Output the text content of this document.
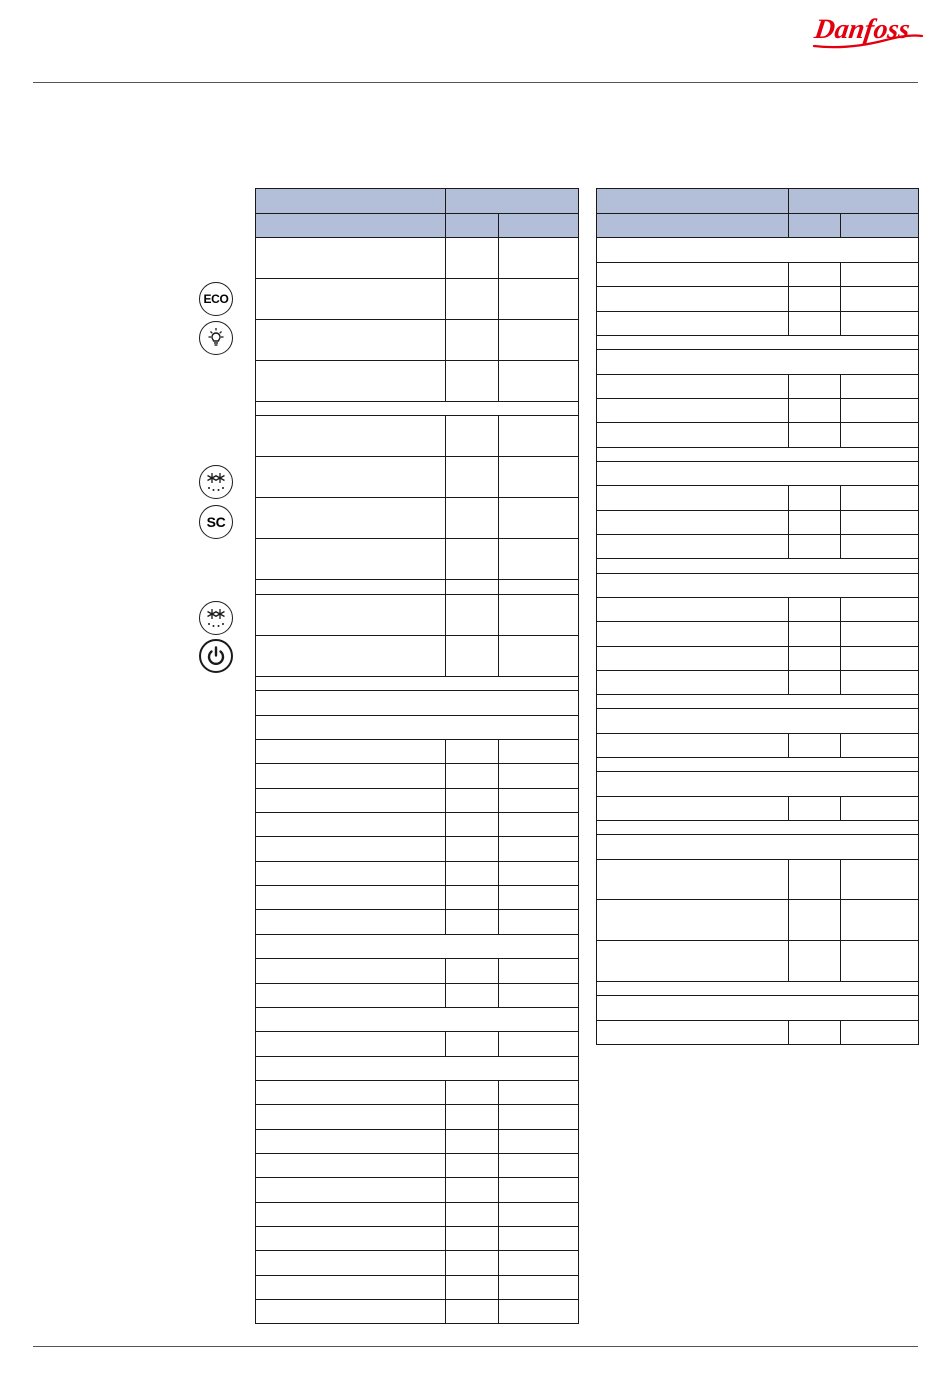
Danfoss
ECO
SC
